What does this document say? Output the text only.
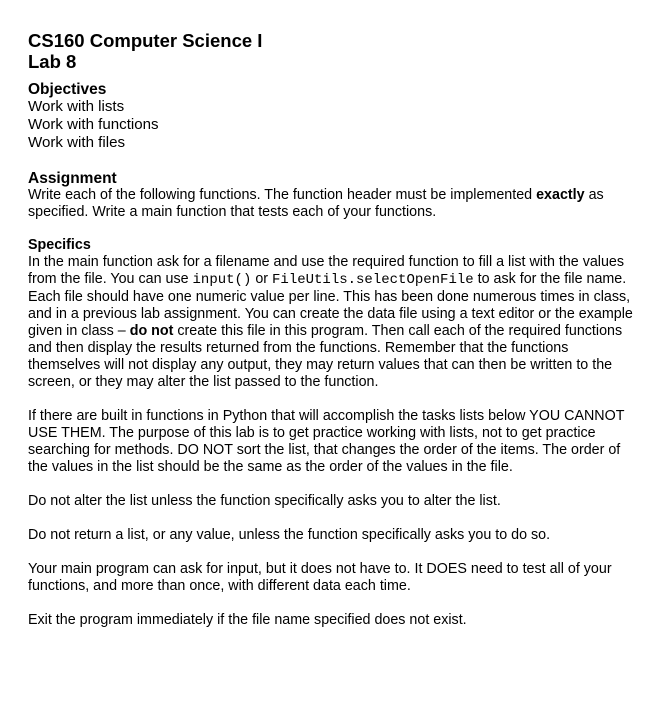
CS160 Computer Science I
Lab 8
Objectives
Work with lists
Work with functions
Work with files
Assignment
Write each of the following functions. The function header must be implemented exactly as
specified. Write a main function that tests each of your functions.
Specifics
In the main function ask for a filename and use the required function to fill a list with the values
from the file. You can use input() or FileUtils.selectOpenFile to ask for the file name.
Each file should have one numeric value per line. This has been done numerous times in class,
and in a previous lab assignment. You can create the data file using a text editor or the example
given in class – do not create this file in this program. Then call each of the required functions
and then display the results returned from the functions. Remember that the functions
themselves will not display any output, they may return values that can then be written to the
screen, or they may alter the list passed to the function.
If there are built in functions in Python that will accomplish the tasks lists below YOU CANNOT
USE THEM. The purpose of this lab is to get practice working with lists, not to get practice
searching for methods. DO NOT sort the list, that changes the order of the items. The order of
the values in the list should be the same as the order of the values in the file.
Do not alter the list unless the function specifically asks you to alter the list.
Do not return a list, or any value, unless the function specifically asks you to do so.
Your main program can ask for input, but it does not have to. It DOES need to test all of your
functions, and more than once, with different data each time.
Exit the program immediately if the file name specified does not exist.
